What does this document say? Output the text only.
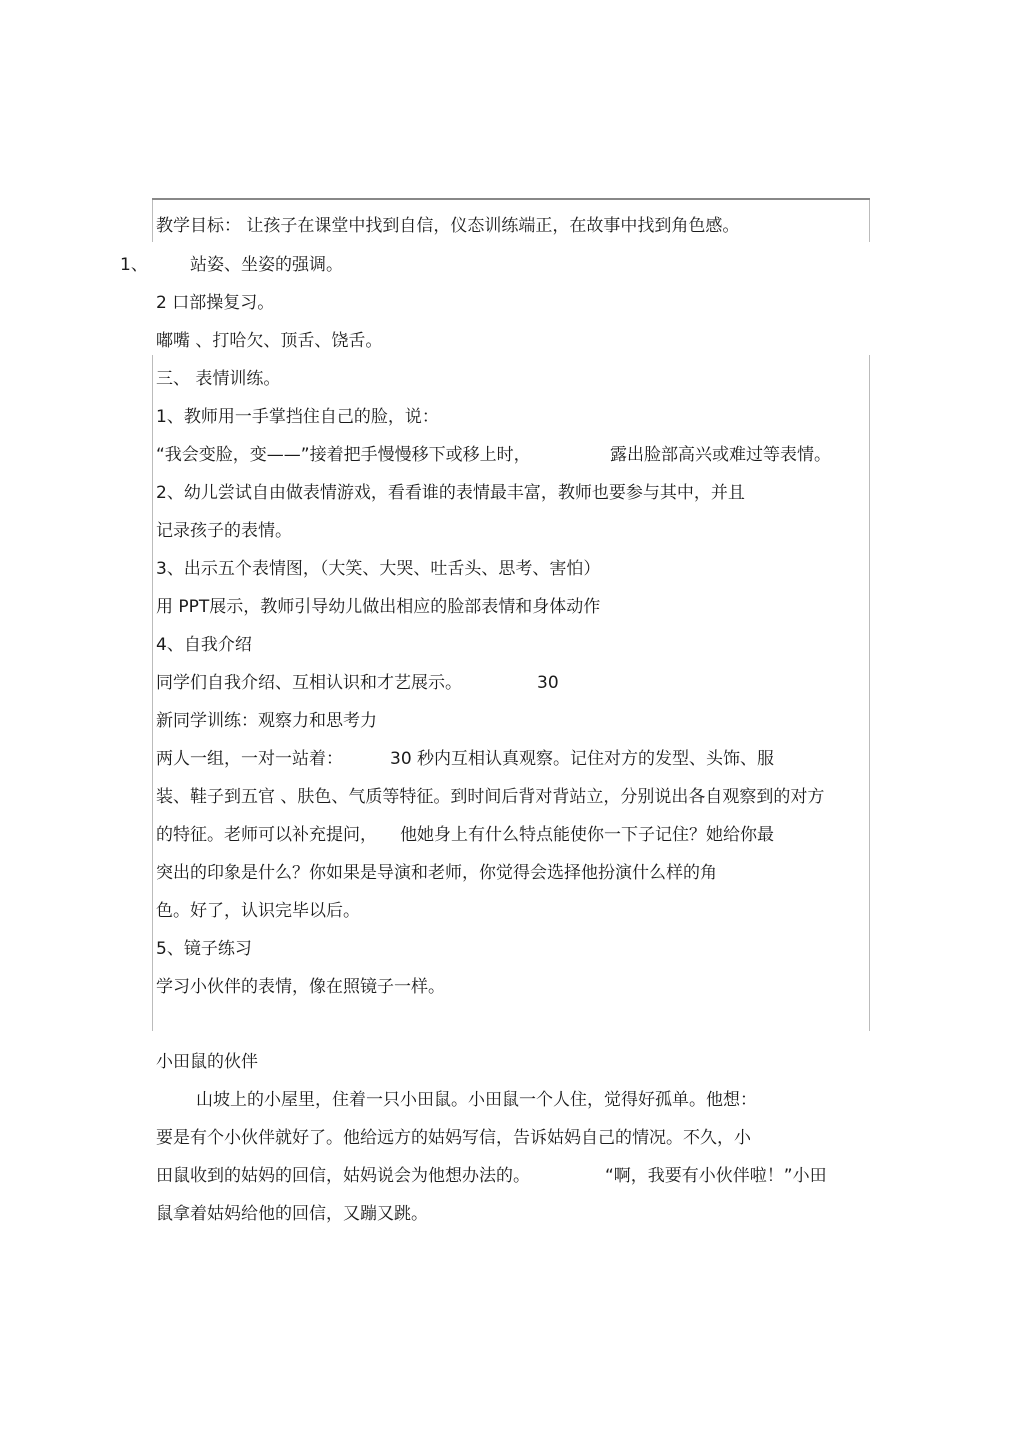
教学目标： 让孩子在课堂中找到自信，仪态训练端正，在故事中找到角色感。
1、 站姿、坐姿的强调。
2 口部操复习。
嘟嘴 、打哈欠、顶舌、饶舌。
三、 表情训练。
1、教师用一手掌挡住自己的脸，说：
“我会变脸，变——”接着把手慢慢移下或移上时，	露出脸部高兴或难过等表情。
2、幼儿尝试自由做表情游戏，看看谁的表情最丰富，教师也要参与其中，并且
记录孩子的表情。
3、出示五个表情图，（大笑、大哭、吐舌头、思考、害怕）
用 PPT展示，教师引导幼儿做出相应的脸部表情和身体动作
4、自我介绍
同学们自我介绍、互相认识和才艺展示。	30
新同学训练：观察力和思考力
两人一组，一对一站着：	30 秒内互相认真观察。记住对方的发型、头饰、服
装、鞋子到五官 、肤色、气质等特征。到时间后背对背站立，分别说出各自观察到的对方
的特征。老师可以补充提问， 他她身上有什么特点能使你一下子记住？她给你最
突出的印象是什么？你如果是导演和老师，你觉得会选择他扮演什么样的角
色。好了，认识完毕以后。
5、镜子练习
学习小伙伴的表情，像在照镜子一样。
小田鼠的伙伴
山坡上的小屋里，住着一只小田鼠。小田鼠一个人住，觉得好孤单。他想：
要是有个小伙伴就好了。他给远方的姑妈写信，告诉姑妈自己的情况。不久，小
田鼠收到的姑妈的回信，姑妈说会为他想办法的。	“啊，我要有小伙伴啦！”小田
鼠拿着姑妈给他的回信，又蹦又跳。
